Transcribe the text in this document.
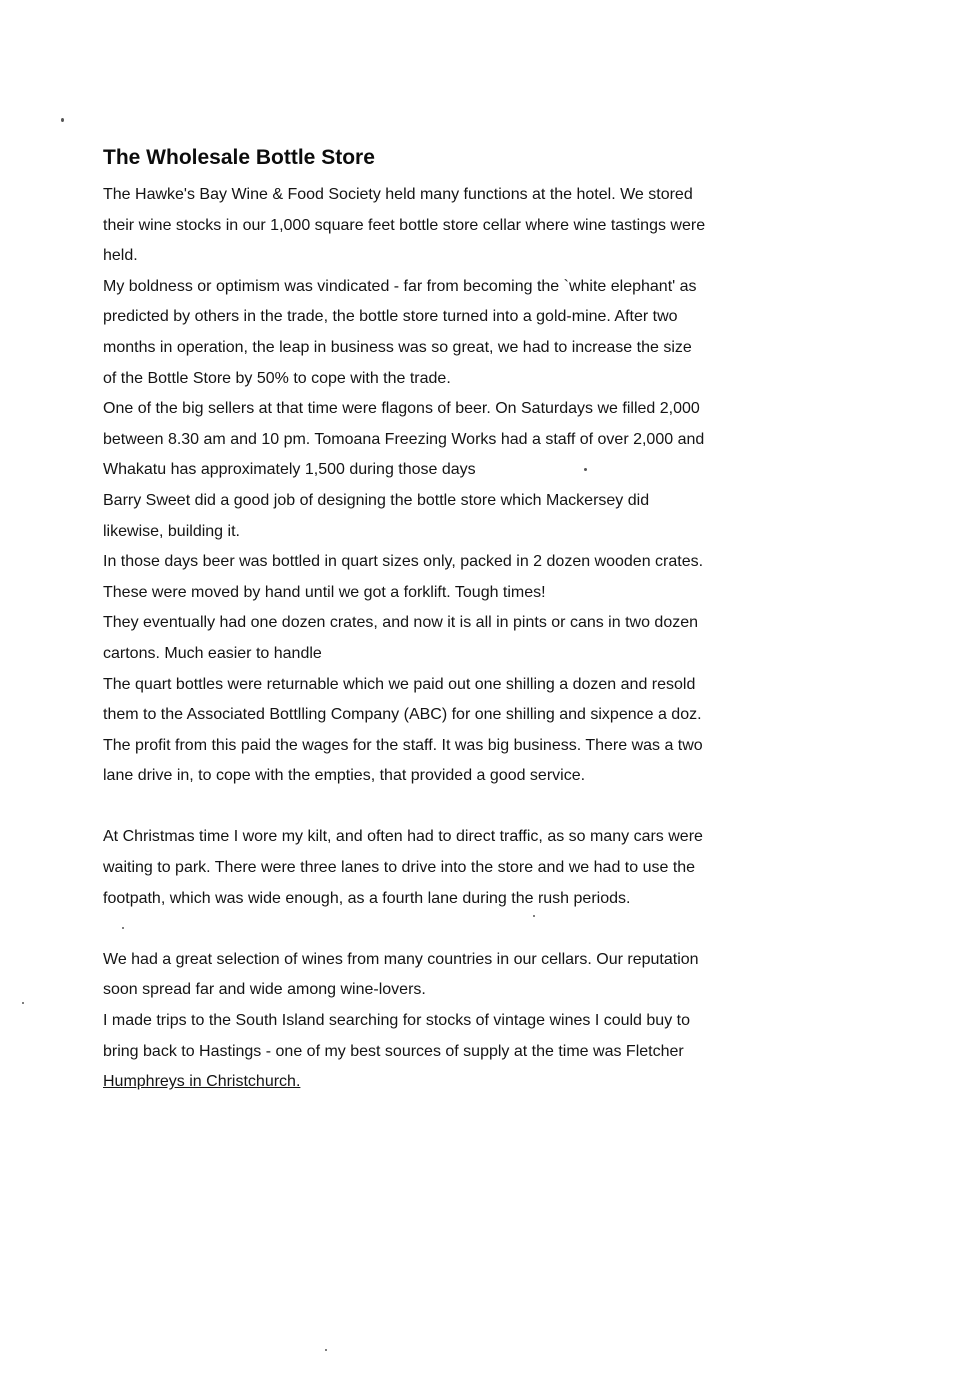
The Wholesale Bottle Store
The Hawke's Bay Wine & Food Society held many functions at the hotel. We stored
their wine stocks in our 1,000 square feet bottle store cellar where wine tastings were
held.
My boldness or optimism was vindicated - far from becoming the `white elephant' as
predicted by others in the trade, the bottle store turned into a gold-mine. After two
months in operation, the leap in business was so great, we had to increase the size
of the Bottle Store by 50% to cope with the trade.
One of the big sellers at that time were flagons of beer. On Saturdays we filled 2,000
between 8.30 am and 10 pm. Tomoana Freezing Works had a staff of over 2,000 and
Whakatu has approximately 1,500 during those days
Barry Sweet did a good job of designing the bottle store which Mackersey did
likewise, building it.
In those days beer was bottled in quart sizes only, packed in 2 dozen wooden crates.
These were moved by hand until we got a forklift. Tough times!
They eventually had one dozen crates, and now it is all in pints or cans in two dozen
cartons. Much easier to handle
The quart bottles were returnable which we paid out one shilling a dozen and resold
them to the Associated Bottlling Company (ABC) for one shilling and sixpence a doz.
The profit from this paid the wages for the staff. It was big business. There was a two
lane drive in, to cope with the empties, that provided a good service.
At Christmas time I wore my kilt, and often had to direct traffic, as so many cars were
waiting to park. There were three lanes to drive into the store and we had to use the
footpath, which was wide enough, as a fourth lane during the rush periods.
We had a great selection of wines from many countries in our cellars. Our reputation
soon spread far and wide among wine-lovers.
I made trips to the South Island searching for stocks of vintage wines I could buy to
bring back to Hastings - one of my best sources of supply at the time was Fletcher
Humphreys in Christchurch.
